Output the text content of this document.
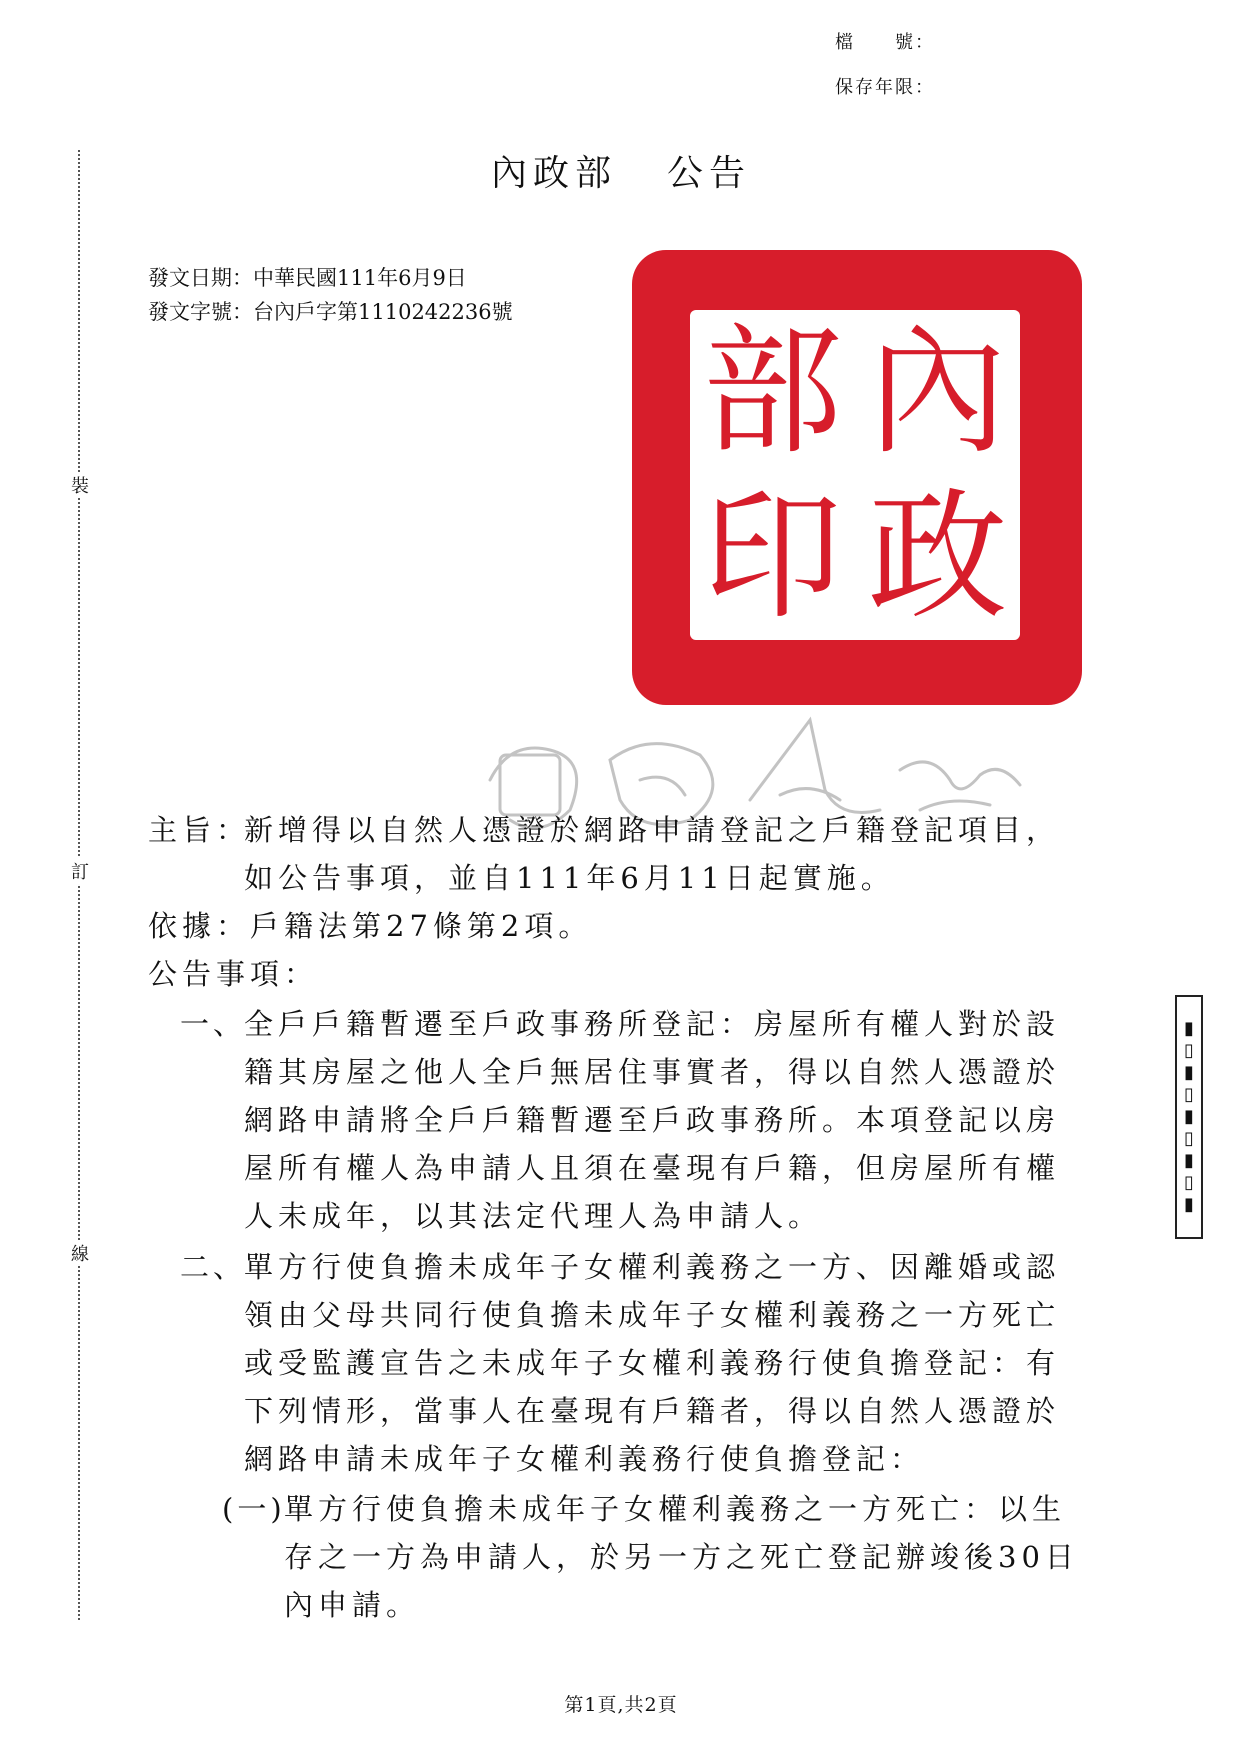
檔　　號：
保存年限：
內政部 公告
發文日期：中華民國111年6月9日
發文字號：台內戶字第1110242236號
裝
訂
線
部 內
印 政
主旨：
新增得以自然人憑證於網路申請登記之戶籍登記項目，
如公告事項，並自111年6月11日起實施。
依據：戶籍法第27條第2項。
公告事項：
一、
全戶戶籍暫遷至戶政事務所登記：房屋所有權人對於設
籍其房屋之他人全戶無居住事實者，得以自然人憑證於
網路申請將全戶戶籍暫遷至戶政事務所。本項登記以房
屋所有權人為申請人且須在臺現有戶籍，但房屋所有權
人未成年，以其法定代理人為申請人。
二、
單方行使負擔未成年子女權利義務之一方、因離婚或認
領由父母共同行使負擔未成年子女權利義務之一方死亡
或受監護宣告之未成年子女權利義務行使負擔登記：有
下列情形，當事人在臺現有戶籍者，得以自然人憑證於
網路申請未成年子女權利義務行使負擔登記：
(一)
單方行使負擔未成年子女權利義務之一方死亡：以生
存之一方為申請人，於另一方之死亡登記辦竣後30日
內申請。
▮▯▮▯▮▯▮▯▮
第1頁,共2頁
